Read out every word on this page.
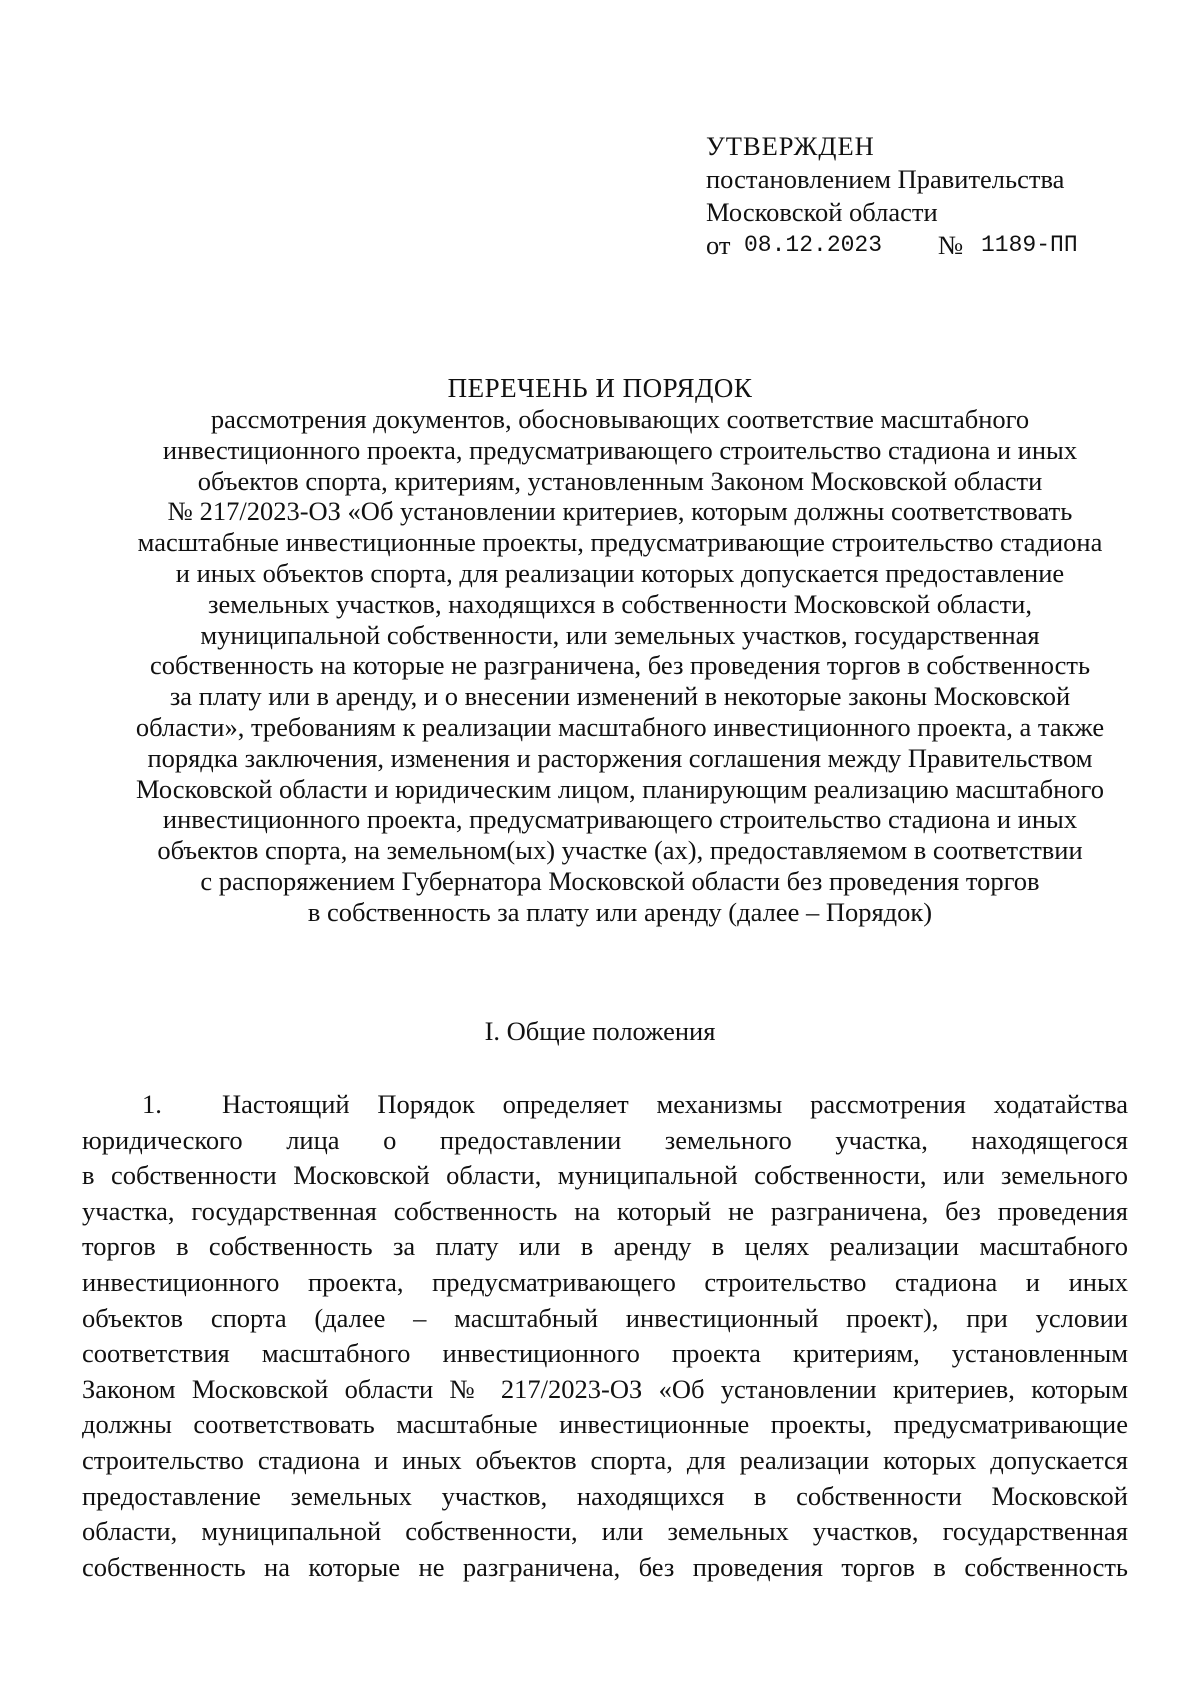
УТВЕРЖДЕН
постановлением Правительства
Московской области
от 08.12.2023 № 1189-ПП
ПЕРЕЧЕНЬ И ПОРЯДОК
рассмотрения документов, обосновывающих соответствие масштабного
инвестиционного проекта, предусматривающего строительство стадиона и иных
объектов спорта, критериям, установленным Законом Московской области
№ 217/2023-ОЗ «Об установлении критериев, которым должны соответствовать
масштабные инвестиционные проекты, предусматривающие строительство стадиона
и иных объектов спорта, для реализации которых допускается предоставление
земельных участков, находящихся в собственности Московской области,
муниципальной собственности, или земельных участков, государственная
собственность на которые не разграничена, без проведения торгов в собственность
за плату или в аренду, и о внесении изменений в некоторые законы Московской
области», требованиям к реализации масштабного инвестиционного проекта, а также
порядка заключения, изменения и расторжения соглашения между Правительством
Московской области и юридическим лицом, планирующим реализацию масштабного
инвестиционного проекта, предусматривающего строительство стадиона и иных
объектов спорта, на земельном(ых) участке (ах), предоставляемом в соответствии
с распоряжением Губернатора Московской области без проведения торгов
в собственность за плату или аренду (далее – Порядок)
I. Общие положения
1. Настоящий Порядок определяет механизмы рассмотрения ходатайства
юридического лица о предоставлении земельного участка, находящегося
в собственности Московской области, муниципальной собственности, или земельного
участка, государственная собственность на который не разграничена, без проведения
торгов в собственность за плату или в аренду в целях реализации масштабного
инвестиционного проекта, предусматривающего строительство стадиона и иных
объектов спорта (далее – масштабный инвестиционный проект), при условии
соответствия масштабного инвестиционного проекта критериям, установленным
Законом Московской области № 217/2023-ОЗ «Об установлении критериев, которым
должны соответствовать масштабные инвестиционные проекты, предусматривающие
строительство стадиона и иных объектов спорта, для реализации которых допускается
предоставление земельных участков, находящихся в собственности Московской
области, муниципальной собственности, или земельных участков, государственная
собственность на которые не разграничена, без проведения торгов в собственность
